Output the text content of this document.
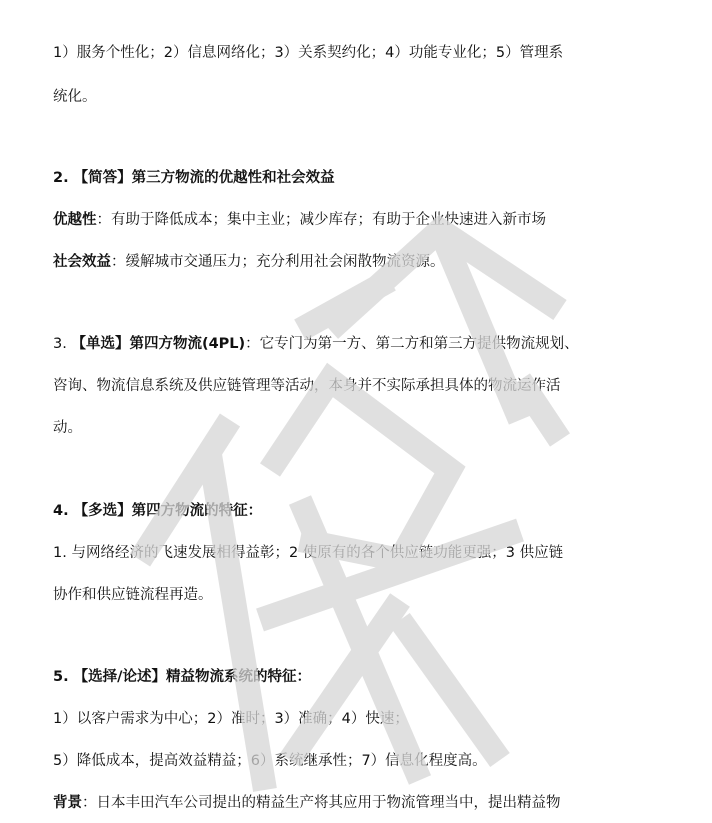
1）服务个性化；2）信息网络化；3）关系契约化；4）功能专业化；5）管理系
统化。
2. 【简答】第三方物流的优越性和社会效益
优越性：有助于降低成本；集中主业；减少库存；有助于企业快速进入新市场
社会效益：缓解城市交通压力；充分利用社会闲散物流资源。
3. 【单选】第四方物流(4PL)：它专门为第一方、第二方和第三方提供物流规划、
咨询、物流信息系统及供应链管理等活动，本身并不实际承担具体的物流运作活
动。
4. 【多选】第四方物流的特征：
1. 与网络经济的飞速发展相得益彰；2 使原有的各个供应链功能更强；3 供应链
协作和供应链流程再造。
5. 【选择/论述】精益物流系统的特征：
1）以客户需求为中心；2）准时；3）准确；4）快速；
5）降低成本，提高效益精益；6）系统继承性；7）信息化程度高。
背景：日本丰田汽车公司提出的精益生产将其应用于物流管理当中，提出精益物
